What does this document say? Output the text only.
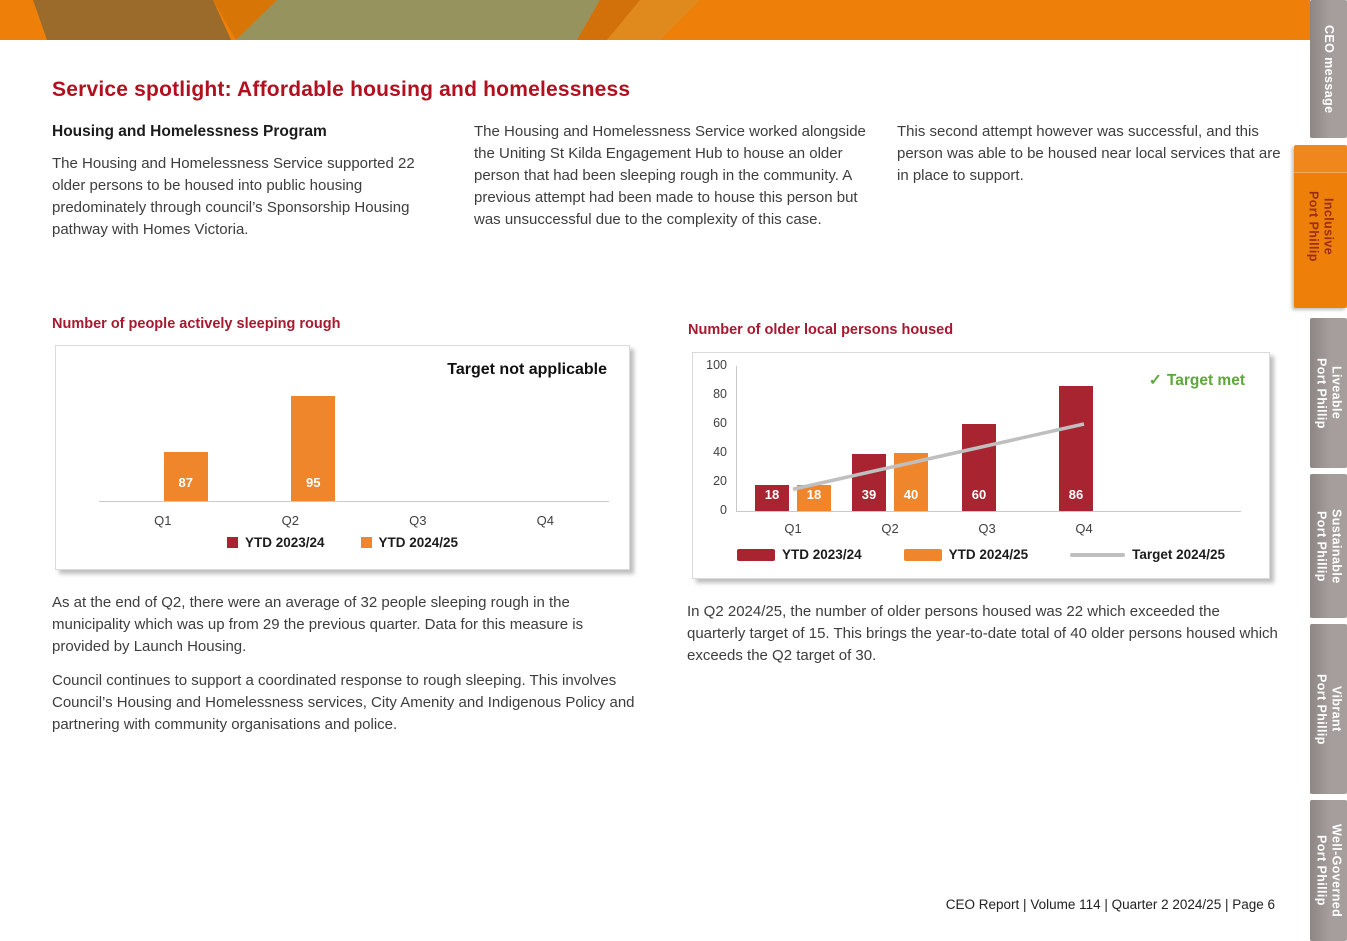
Service spotlight: Affordable housing and homelessness
Housing and Homelessness Program

The Housing and Homelessness Service supported 22 older persons to be housed into public housing predominately through council’s Sponsorship Housing pathway with Homes Victoria.

The Housing and Homelessness Service worked alongside the Uniting St Kilda Engagement Hub to house an older person that had been sleeping rough in the community. A previous attempt had been made to house this person but was unsuccessful due to the complexity of this case.

This second attempt however was successful, and this person was able to be housed near local services that are in place to support.

Number of people actively sleeping rough
Target not applicable
Q1	Q2	Q3	Q4
87	95
YTD 2023/24	YTD 2024/25
Number of older local persons housed
✓ Target met
0
20
40
60
80
100
Q1	Q2	Q3	Q4
18	18	39	40	60	86
YTD 2023/24	YTD 2024/25	Target 2024/25

As at the end of Q2, there were an average of 32 people sleeping rough in the municipality which was up from 29 the previous quarter. Data for this measure is provided by Launch Housing.

Council continues to support a coordinated response to rough sleeping. This involves Council’s Housing and Homelessness services, City Amenity and Indigenous Policy and partnering with community organisations and police.

In Q2 2024/25, the number of older persons housed was 22 which exceeded the quarterly target of 15. This brings the year-to-date total of 40 older persons housed which exceeds the Q2 target of 30.

CEO Report | Volume 114 | Quarter 2 2024/25 | Page 6
CEO message
Inclusive
Port Phillip
Liveable
Port Phillip
Sustainable
Port Phillip
Vibrant
Port Phillip
Well-Governed
Port Phillip
